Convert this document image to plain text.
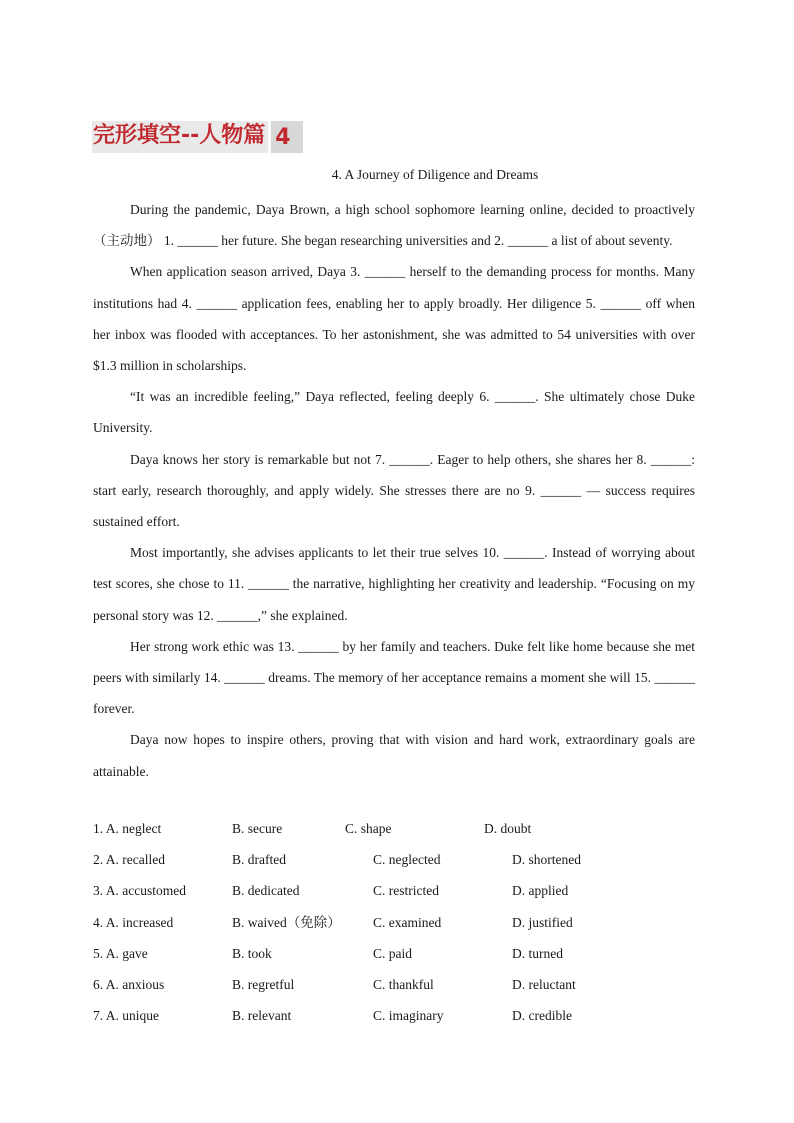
完形填空--人物篇 4
4. A Journey of Diligence and Dreams

During the pandemic, Daya Brown, a high school sophomore learning online, decided to proactively（主动地） 1. ______ her future. She began researching universities and 2. ______ a list of about seventy.

When application season arrived, Daya 3. ______ herself to the demanding process for months. Many institutions had 4. ______ application fees, enabling her to apply broadly. Her diligence 5. ______ off when her inbox was flooded with acceptances. To her astonishment, she was admitted to 54 universities with over $1.3 million in scholarships.

“It was an incredible feeling,” Daya reflected, feeling deeply 6. ______. She ultimately chose Duke University.

Daya knows her story is remarkable but not 7. ______. Eager to help others, she shares her 8. ______: start early, research thoroughly, and apply widely. She stresses there are no 9. ______ — success requires sustained effort.

Most importantly, she advises applicants to let their true selves 10. ______. Instead of worrying about test scores, she chose to 11. ______ the narrative, highlighting her creativity and leadership. “Focusing on my personal story was 12. ______,” she explained.

Her strong work ethic was 13. ______ by her family and teachers. Duke felt like home because she met peers with similarly 14. ______ dreams. The memory of her acceptance remains a moment she will 15. ______ forever.

Daya now hopes to inspire others, proving that with vision and hard work, extraordinary goals are attainable.

1. A. neglect	B. secure	C. shape	D. doubt
2. A. recalled	B. drafted	C. neglected	D. shortened
3. A. accustomed	B. dedicated	C. restricted	D. applied
4. A. increased	B. waived（免除） C. examined	D. justified
5. A. gave	B. took	C. paid	D. turned
6. A. anxious	B. regretful	C. thankful	D. reluctant
7. A. unique	B. relevant	C. imaginary	D. credible
